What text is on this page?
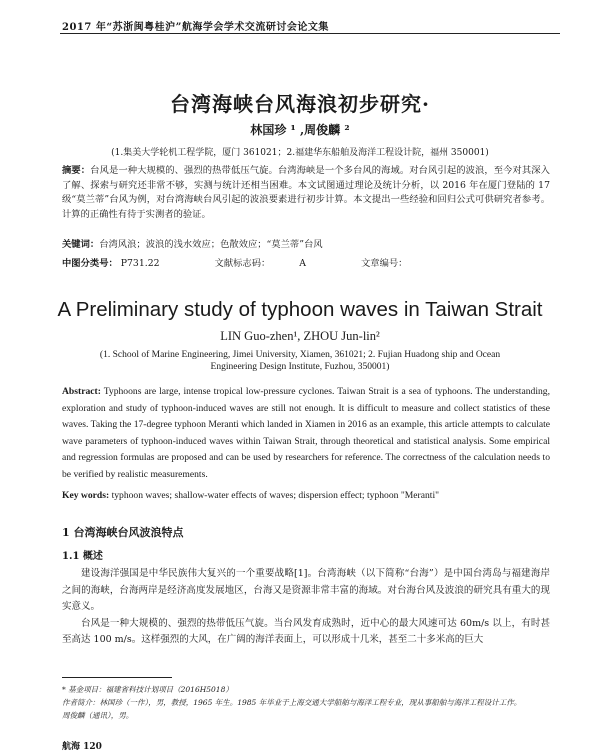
2017 年“苏浙闽粤桂沪”航海学会学术交流研讨会论文集
台湾海峡台风海浪初步研究·
林国珍 ¹ ,周俊麟 ²
(1.集美大学轮机工程学院，厦门 361021；2.福建华东船舶及海洋工程设计院，福州 350001)
摘要：台风是一种大规模的、强烈的热带低压气旋。台湾海峡是一个多台风的海域。对台风引起的波浪，至今对其深入了解、探索与研究还非常不够，实测与统计还相当困难。本文试图通过理论及统计分析，以 2016 年在厦门登陆的 17 级“莫兰蒂”台风为例，对台湾海峡台风引起的波浪要素进行初步计算。本文提出一些经验和回归公式可供研究者参考。计算的正确性有待于实测者的验证。
关键词：台湾风浪；波浪的浅水效应；色散效应；“莫兰蒂”台风
中图分类号： P731.22	文献标志码：	A	文章编号：
A Preliminary study of typhoon waves in Taiwan Strait
LIN Guo-zhen¹, ZHOU Jun-lin²
(1. School of Marine Engineering, Jimei University, Xiamen, 361021; 2. Fujian Huadong ship and Ocean Engineering Design Institute, Fuzhou, 350001)
Abstract: Typhoons are large, intense tropical low-pressure cyclones. Taiwan Strait is a sea of typhoons. The understanding, exploration and study of typhoon-induced waves are still not enough. It is difficult to measure and collect statistics of these waves. Taking the 17-degree typhoon Meranti which landed in Xiamen in 2016 as an example, this article attempts to calculate wave parameters of typhoon-induced waves within Taiwan Strait, through theoretical and statistical analysis. Some empirical and regression formulas are proposed and can be used by researchers for reference. The correctness of the calculation needs to be verified by realistic measurements.
Key words: typhoon waves; shallow-water effects of waves; dispersion effect; typhoon "Meranti"
1 台湾海峡台风波浪特点
1.1 概述

建设海洋强国是中华民族伟大复兴的一个重要战略[1]。台湾海峡（以下简称“台海”）是中国台湾岛与福建海岸之间的海峡，台海两岸是经济高度发展地区，台海又是资源非常丰富的海域。对台海台风及波浪的研究具有重大的现实意义。

台风是一种大规模的、强烈的热带低压气旋。当台风发育成熟时，近中心的最大风速可达 60m/s 以上，有时甚至高达 100 m/s。这样强烈的大风，在广阔的海洋表面上，可以形成十几米，甚至二十多米高的巨大

* 基金项目：福建省科技计划项目（2016H5018）
作者简介：林国珍（一作），男，教授，1965 年生。1985 年毕业于上海交通大学船舶与海洋工程专业，现从事船舶与海洋工程设计工作。
周俊麟（通讯），男。
航海 120
